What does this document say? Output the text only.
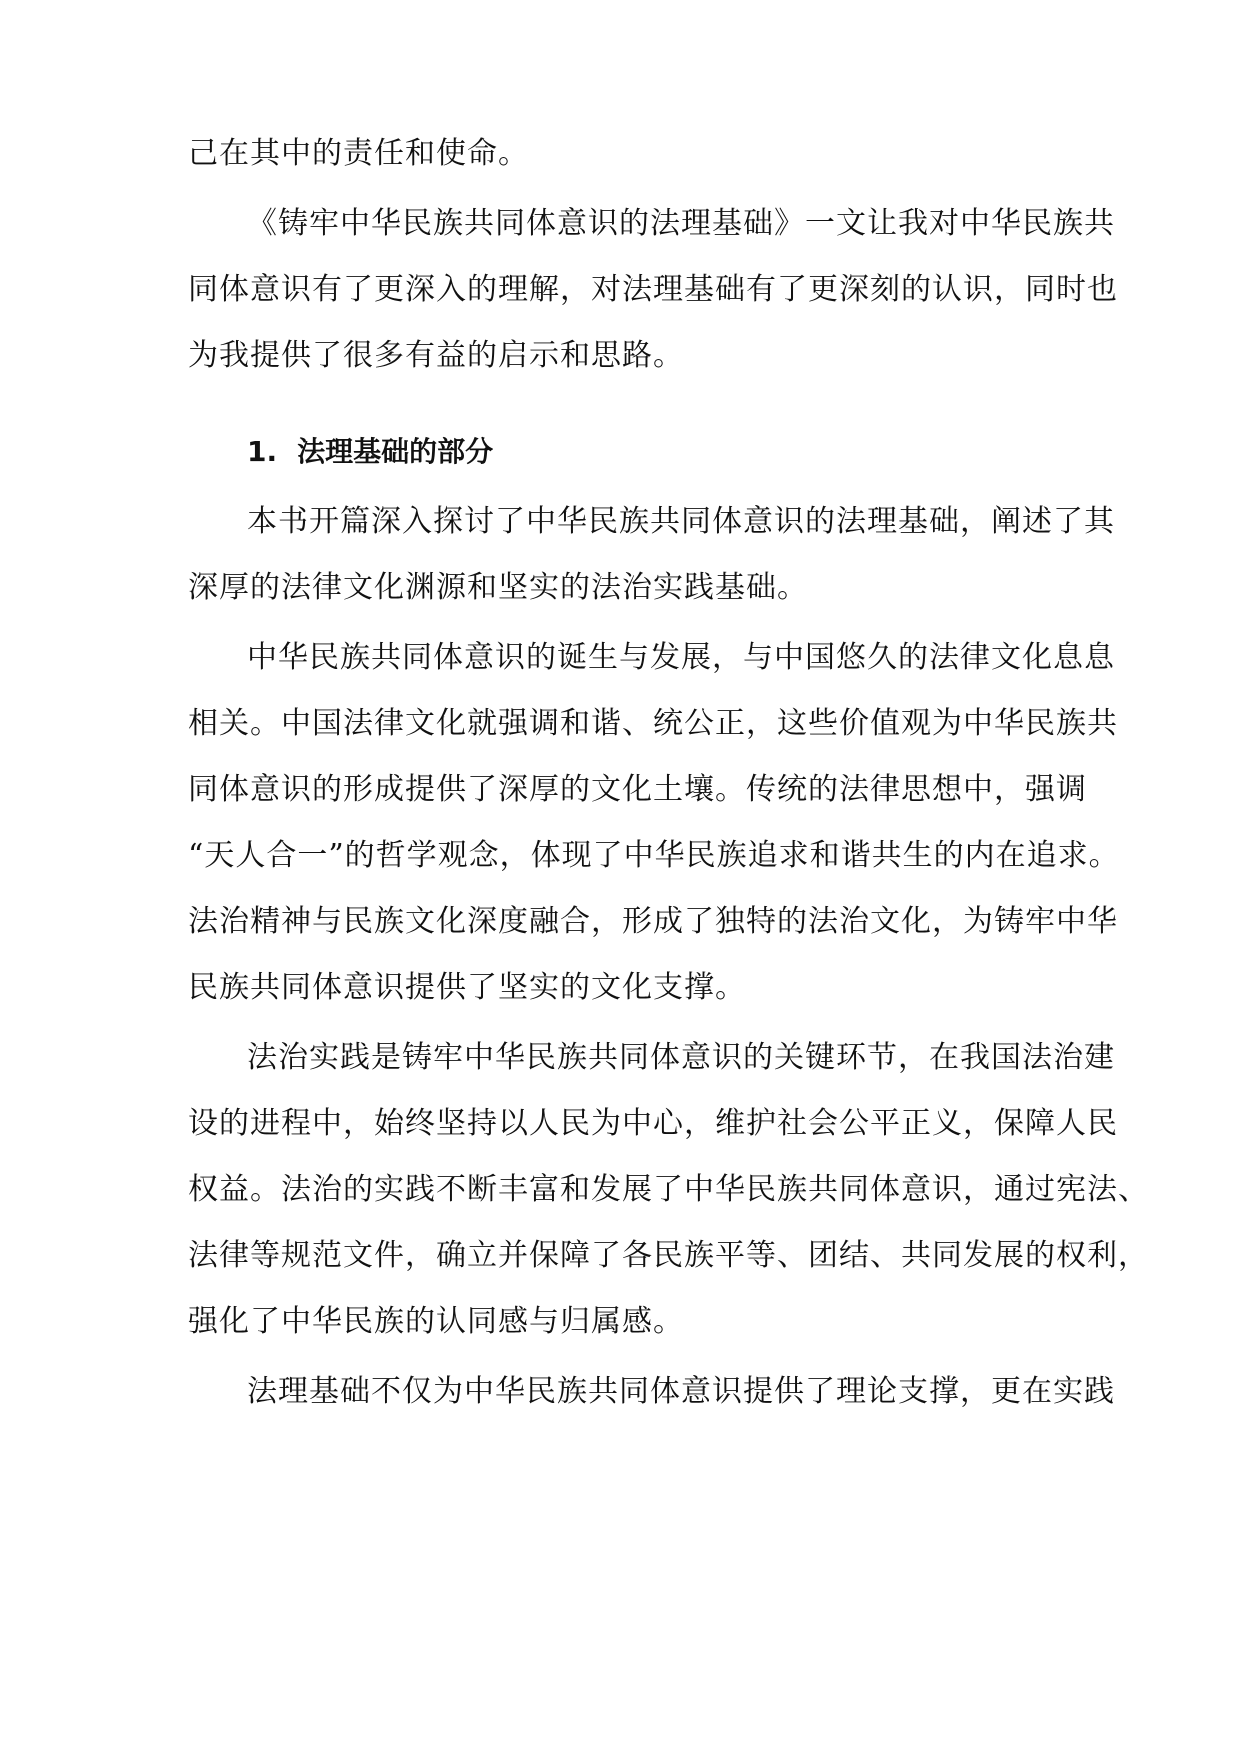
己在其中的责任和使命。
《铸牢中华民族共同体意识的法理基础》一文让我对中华民族共
同体意识有了更深入的理解，对法理基础有了更深刻的认识，同时也
为我提供了很多有益的启示和思路。
1. 法理基础的部分
本书开篇深入探讨了中华民族共同体意识的法理基础，阐述了其
深厚的法律文化渊源和坚实的法治实践基础。
中华民族共同体意识的诞生与发展，与中国悠久的法律文化息息
相关。中国法律文化就强调和谐、统公正，这些价值观为中华民族共
同体意识的形成提供了深厚的文化土壤。传统的法律思想中，强调
“天人合一”的哲学观念，体现了中华民族追求和谐共生的内在追求。
法治精神与民族文化深度融合，形成了独特的法治文化，为铸牢中华
民族共同体意识提供了坚实的文化支撑。
法治实践是铸牢中华民族共同体意识的关键环节，在我国法治建
设的进程中，始终坚持以人民为中心，维护社会公平正义，保障人民
权益。法治的实践不断丰富和发展了中华民族共同体意识，通过宪法、
法律等规范文件，确立并保障了各民族平等、团结、共同发展的权利，
强化了中华民族的认同感与归属感。
法理基础不仅为中华民族共同体意识提供了理论支撑，更在实践
